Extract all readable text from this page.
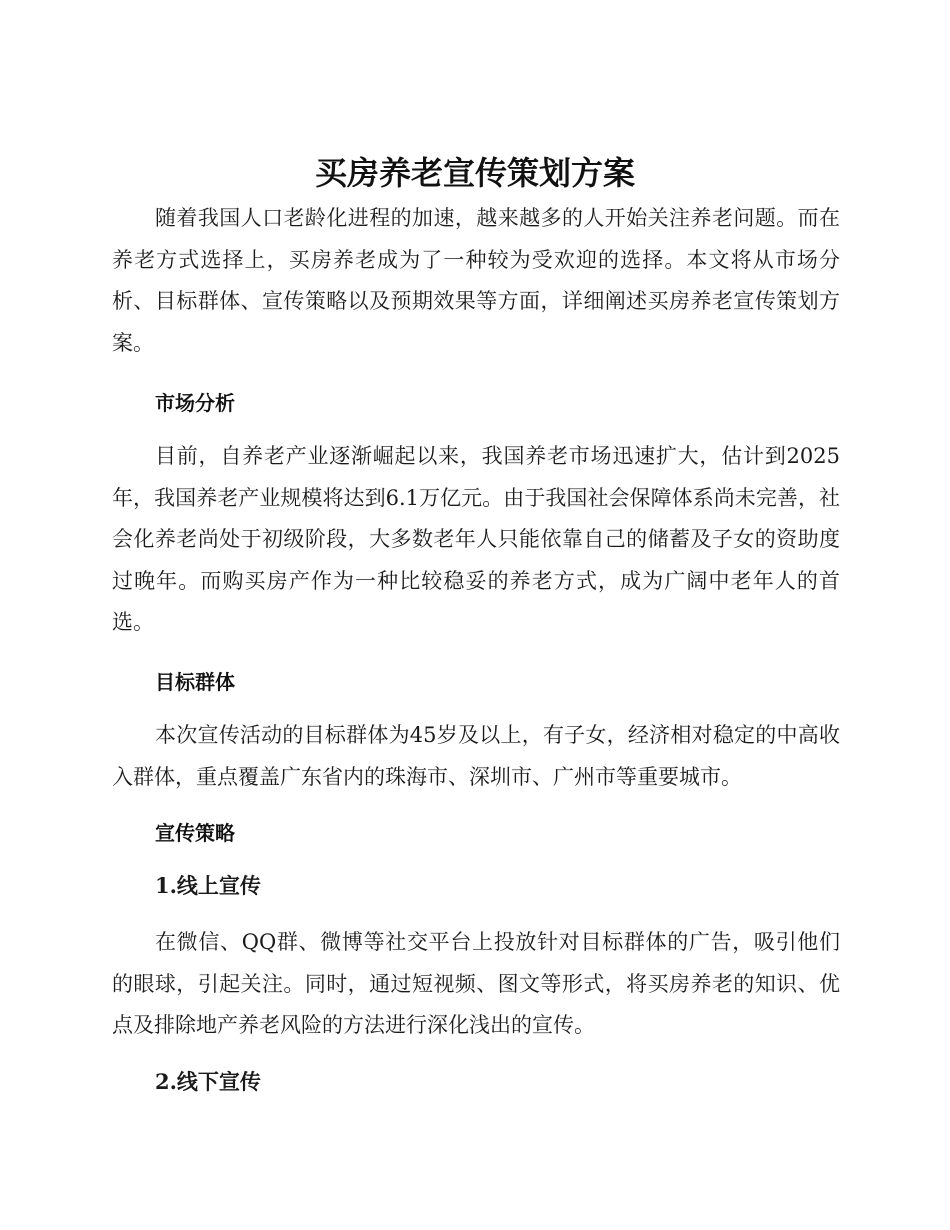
买房养老宣传策划方案

随着我国人口老龄化进程的加速，越来越多的人开始关注养老问题。而在养老方式选择上，买房养老成为了一种较为受欢迎的选择。本文将从市场分析、目标群体、宣传策略以及预期效果等方面，详细阐述买房养老宣传策划方案。

市场分析

目前，自养老产业逐渐崛起以来，我国养老市场迅速扩大，估计到2025年，我国养老产业规模将达到6.1万亿元。由于我国社会保障体系尚未完善，社会化养老尚处于初级阶段，大多数老年人只能依靠自己的储蓄及子女的资助度过晚年。而购买房产作为一种比较稳妥的养老方式，成为广阔中老年人的首选。

目标群体

本次宣传活动的目标群体为45岁及以上，有子女，经济相对稳定的中高收入群体，重点覆盖广东省内的珠海市、深圳市、广州市等重要城市。

宣传策略
1.线上宣传

在微信、QQ群、微博等社交平台上投放针对目标群体的广告，吸引他们的眼球，引起关注。同时，通过短视频、图文等形式，将买房养老的知识、优点及排除地产养老风险的方法进行深化浅出的宣传。

2.线下宣传
